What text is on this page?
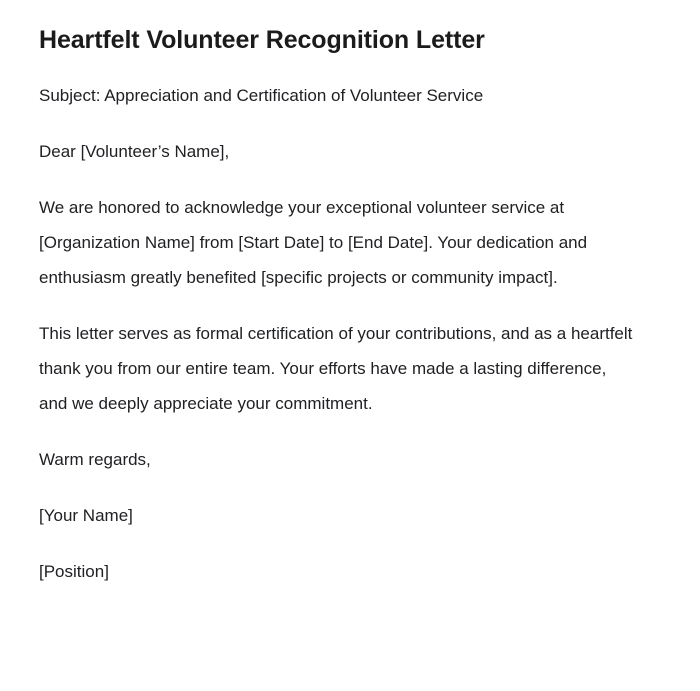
Heartfelt Volunteer Recognition Letter

Subject: Appreciation and Certification of Volunteer Service

Dear [Volunteer’s Name],

We are honored to acknowledge your exceptional volunteer service at [Organization Name] from [Start Date] to [End Date]. Your dedication and enthusiasm greatly benefited [specific projects or community impact].

This letter serves as formal certification of your contributions, and as a heartfelt thank you from our entire team. Your efforts have made a lasting difference, and we deeply appreciate your commitment.

Warm regards,

[Your Name]

[Position]
